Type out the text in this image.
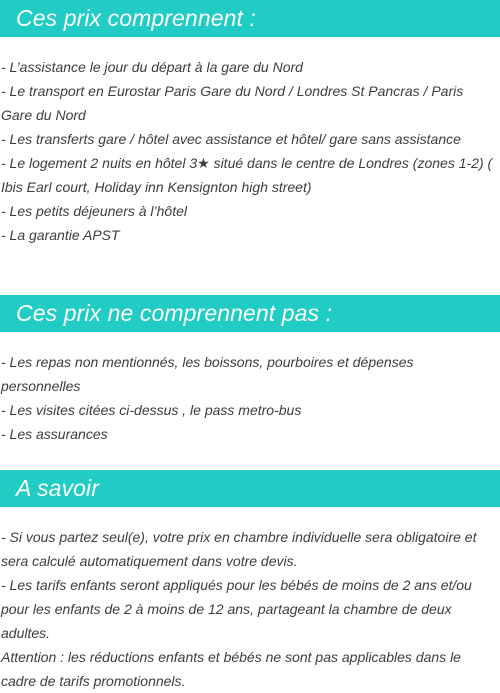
Ces prix comprennent :
- L’assistance le jour du départ à la gare du Nord
- Le transport en Eurostar Paris Gare du Nord / Londres St Pancras / Paris Gare du Nord
- Les transferts gare / hôtel avec assistance et hôtel/ gare sans assistance
- Le logement 2 nuits en hôtel 3★ situé dans le centre de Londres (zones 1-2) ( Ibis Earl court, Holiday inn Kensignton high street)
- Les petits déjeuners à l’hôtel
- La garantie APST
Ces prix ne comprennent pas :
- Les repas non mentionnés, les boissons, pourboires et dépenses personnelles
- Les visites citées ci-dessus , le pass metro-bus
- Les assurances
A savoir
- Si vous partez seul(e), votre prix en chambre individuelle sera obligatoire et sera calculé automatiquement dans votre devis.
- Les tarifs enfants seront appliqués pour les bébés de moins de 2 ans et/ou pour les enfants de 2 à moins de 12 ans, partageant la chambre de deux adultes.
Attention : les réductions enfants et bébés ne sont pas applicables dans le cadre de tarifs promotionnels.
